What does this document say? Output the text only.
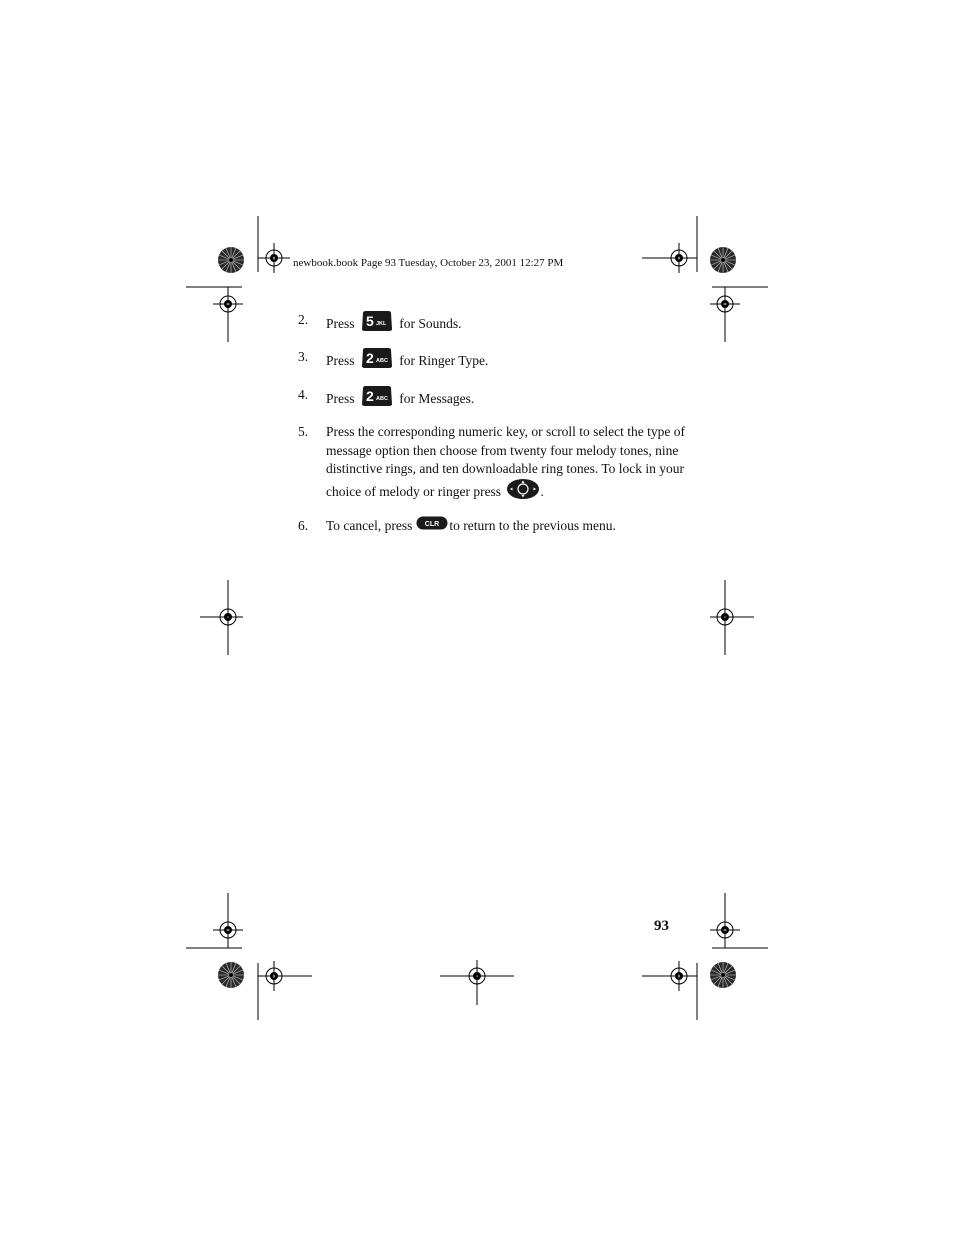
newbook.book Page 93 Tuesday, October 23, 2001 12:27 PM
2.	Press 5 JKL for Sounds.
3.	Press 2 ABC for Ringer Type.
4.	Press 2 ABC for Messages.
5.	Press the corresponding numeric key, or scroll to select the type of
message option then choose from twenty four melody tones, nine
distinctive rings, and ten downloadable ring tones. To lock in your
choice of melody or ringer press	.
6.	To cancel, press CLR to return to the previous menu.
93
